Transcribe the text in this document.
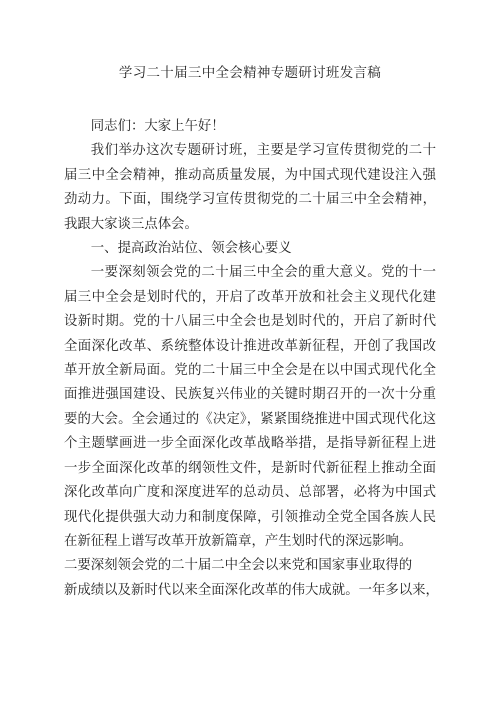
学习二十届三中全会精神专题研讨班发言稿

同志们：大家上午好！

我们举办这次专题研讨班，主要是学习宣传贯彻党的二十届三中全会精神，推动高质量发展，为中国式现代建设注入强劲动力。下面，围绕学习宣传贯彻党的二十届三中全会精神，我跟大家谈三点体会。

一、提高政治站位、领会核心要义

一要深刻领会党的二十届三中全会的重大意义。党的十一届三中全会是划时代的，开启了改革开放和社会主义现代化建设新时期。党的十八届三中全会也是划时代的，开启了新时代全面深化改革、系统整体设计推进改革新征程，开创了我国改革开放全新局面。党的二十届三中全会是在以中国式现代化全面推进强国建设、民族复兴伟业的关键时期召开的一次十分重要的大会。全会通过的《决定》，紧紧围绕推进中国式现代化这个主题擘画进一步全面深化改革战略举措，是指导新征程上进一步全面深化改革的纲领性文件，是新时代新征程上推动全面深化改革向广度和深度进军的总动员、总部署，必将为中国式现代化提供强大动力和制度保障，引领推动全党全国各族人民在新征程上谱写改革开放新篇章，产生划时代的深远影响。

二要深刻领会党的二十届二中全会以来党和国家事业取得的
新成绩以及新时代以来全面深化改革的伟大成就。一年多以来，
